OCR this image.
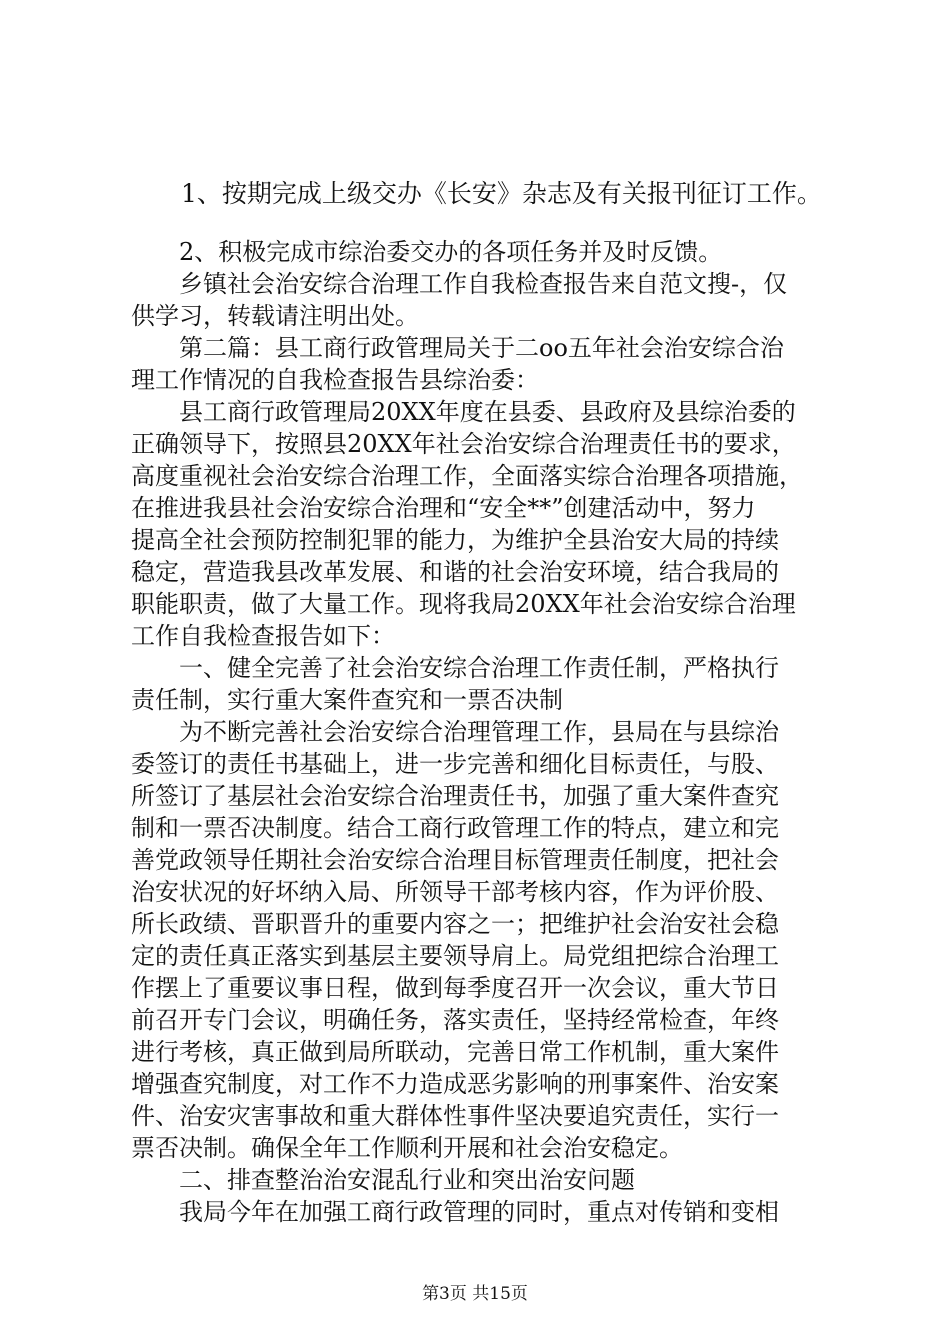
　　1、按期完成上级交办《长安》杂志及有关报刊征订工作。
　　2、积极完成市综治委交办的各项任务并及时反馈。
　　乡镇社会治安综合治理工作自我检查报告来自范文搜-，仅
供学习，转载请注明出处。
　　第二篇：县工商行政管理局关于二oo五年社会治安综合治
理工作情况的自我检查报告县综治委：
　　县工商行政管理局20XX年度在县委、县政府及县综治委的
正确领导下，按照县20XX年社会治安综合治理责任书的要求，
高度重视社会治安综合治理工作，全面落实综合治理各项措施，
在推进我县社会治安综合治理和“安全**”创建活动中，努力
提高全社会预防控制犯罪的能力，为维护全县治安大局的持续
稳定，营造我县改革发展、和谐的社会治安环境，结合我局的
职能职责，做了大量工作。现将我局20XX年社会治安综合治理
工作自我检查报告如下：
　　一、健全完善了社会治安综合治理工作责任制，严格执行
责任制，实行重大案件查究和一票否决制
　　为不断完善社会治安综合治理管理工作，县局在与县综治
委签订的责任书基础上，进一步完善和细化目标责任，与股、
所签订了基层社会治安综合治理责任书，加强了重大案件查究
制和一票否决制度。结合工商行政管理工作的特点，建立和完
善党政领导任期社会治安综合治理目标管理责任制度，把社会
治安状况的好坏纳入局、所领导干部考核内容，作为评价股、
所长政绩、晋职晋升的重要内容之一；把维护社会治安社会稳
定的责任真正落实到基层主要领导肩上。局党组把综合治理工
作摆上了重要议事日程，做到每季度召开一次会议，重大节日
前召开专门会议，明确任务，落实责任，坚持经常检查，年终
进行考核，真正做到局所联动，完善日常工作机制，重大案件
增强查究制度，对工作不力造成恶劣影响的刑事案件、治安案
件、治安灾害事故和重大群体性事件坚决要追究责任，实行一
票否决制。确保全年工作顺利开展和社会治安稳定。
　　二、排查整治治安混乱行业和突出治安问题
　　我局今年在加强工商行政管理的同时，重点对传销和变相
第3页 共15页
